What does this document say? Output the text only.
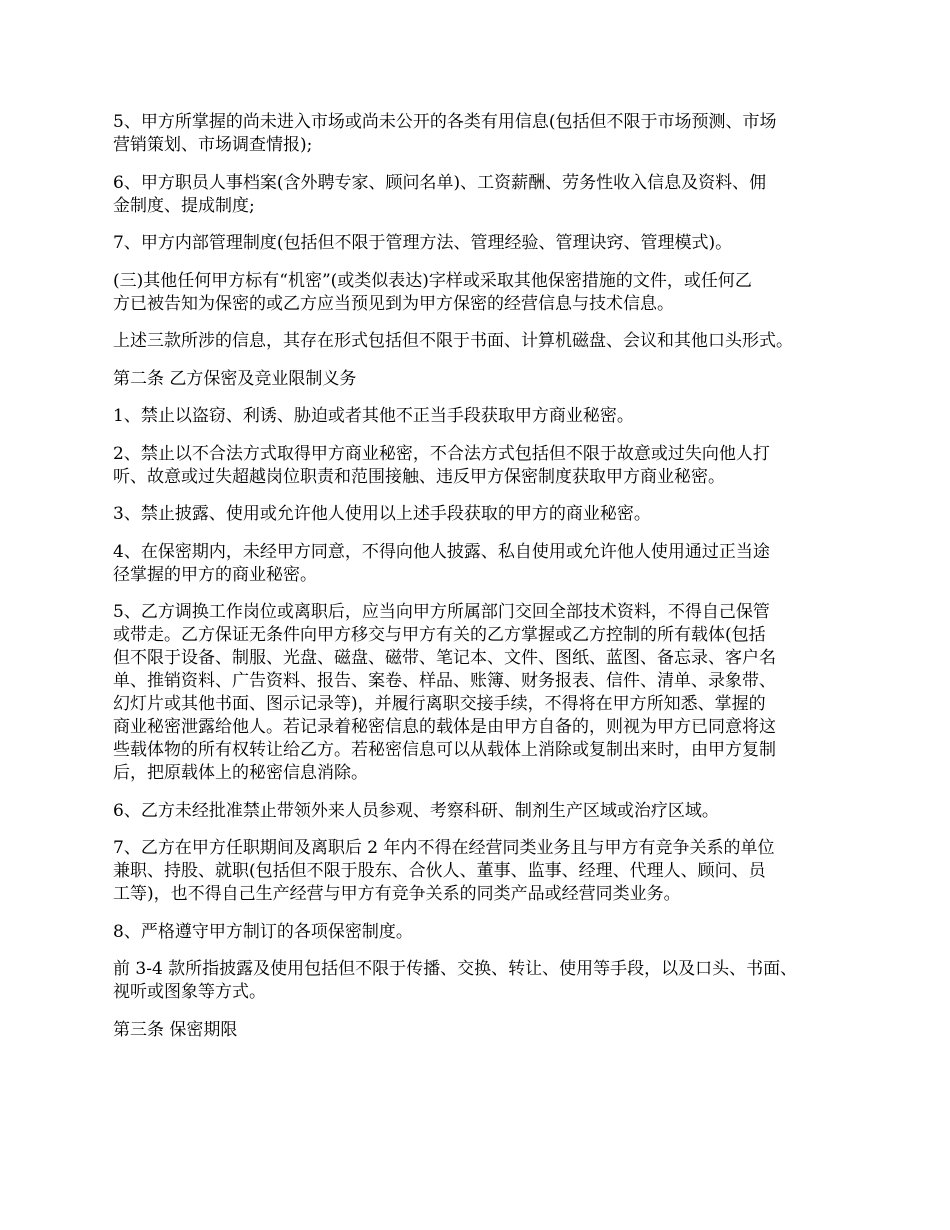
5、甲方所掌握的尚未进入市场或尚未公开的各类有用信息(包括但不限于市场预测、市场
营销策划、市场调查情报);
6、甲方职员人事档案(含外聘专家、顾问名单)、工资薪酬、劳务性收入信息及资料、佣
金制度、提成制度;
7、甲方内部管理制度(包括但不限于管理方法、管理经验、管理诀窍、管理模式)。
(三)其他任何甲方标有“机密”(或类似表达)字样或采取其他保密措施的文件，或任何乙
方已被告知为保密的或乙方应当预见到为甲方保密的经营信息与技术信息。
上述三款所涉的信息，其存在形式包括但不限于书面、计算机磁盘、会议和其他口头形式。
第二条 乙方保密及竞业限制义务
1、禁止以盗窃、利诱、胁迫或者其他不正当手段获取甲方商业秘密。
2、禁止以不合法方式取得甲方商业秘密，不合法方式包括但不限于故意或过失向他人打
听、故意或过失超越岗位职责和范围接触、违反甲方保密制度获取甲方商业秘密。
3、禁止披露、使用或允许他人使用以上述手段获取的甲方的商业秘密。
4、在保密期内，未经甲方同意，不得向他人披露、私自使用或允许他人使用通过正当途
径掌握的甲方的商业秘密。
5、乙方调换工作岗位或离职后，应当向甲方所属部门交回全部技术资料，不得自己保管
或带走。乙方保证无条件向甲方移交与甲方有关的乙方掌握或乙方控制的所有载体(包括
但不限于设备、制服、光盘、磁盘、磁带、笔记本、文件、图纸、蓝图、备忘录、客户名
单、推销资料、广告资料、报告、案卷、样品、账簿、财务报表、信件、清单、录象带、
幻灯片或其他书面、图示记录等)，并履行离职交接手续，不得将在甲方所知悉、掌握的
商业秘密泄露给他人。若记录着秘密信息的载体是由甲方自备的，则视为甲方已同意将这
些载体物的所有权转让给乙方。若秘密信息可以从载体上消除或复制出来时，由甲方复制
后，把原载体上的秘密信息消除。
6、乙方未经批准禁止带领外来人员参观、考察科研、制剂生产区域或治疗区域。
7、乙方在甲方任职期间及离职后 2 年内不得在经营同类业务且与甲方有竞争关系的单位
兼职、持股、就职(包括但不限于股东、合伙人、董事、监事、经理、代理人、顾问、员
工等)，也不得自己生产经营与甲方有竞争关系的同类产品或经营同类业务。
8、严格遵守甲方制订的各项保密制度。
前 3-4 款所指披露及使用包括但不限于传播、交换、转让、使用等手段，以及口头、书面、
视听或图象等方式。
第三条 保密期限
